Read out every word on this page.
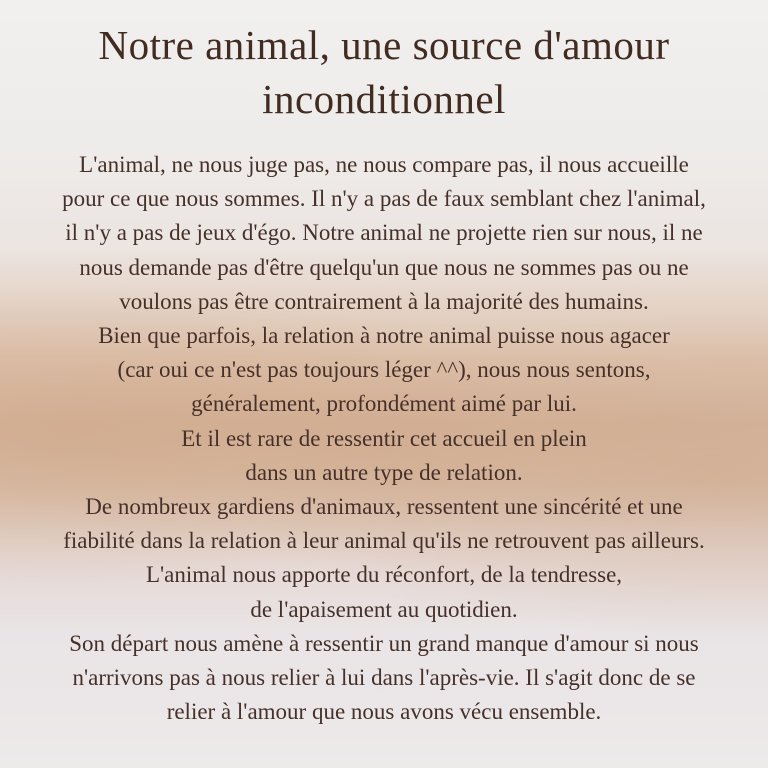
Notre animal, une source d'amour
inconditionnel
L'animal, ne nous juge pas, ne nous compare pas, il nous accueille
pour ce que nous sommes. Il n'y a pas de faux semblant chez l'animal,
il n'y a pas de jeux d'égo. Notre animal ne projette rien sur nous, il ne
nous demande pas d'être quelqu'un que nous ne sommes pas ou ne
voulons pas être contrairement à la majorité des humains.
Bien que parfois, la relation à notre animal puisse nous agacer
(car oui ce n'est pas toujours léger ^^), nous nous sentons,
généralement, profondément aimé par lui.
Et il est rare de ressentir cet accueil en plein
dans un autre type de relation.
De nombreux gardiens d'animaux, ressentent une sincérité et une
fiabilité dans la relation à leur animal qu'ils ne retrouvent pas ailleurs.
L'animal nous apporte du réconfort, de la tendresse,
de l'apaisement au quotidien.
Son départ nous amène à ressentir un grand manque d'amour si nous
n'arrivons pas à nous relier à lui dans l'après-vie. Il s'agit donc de se
relier à l'amour que nous avons vécu ensemble.
